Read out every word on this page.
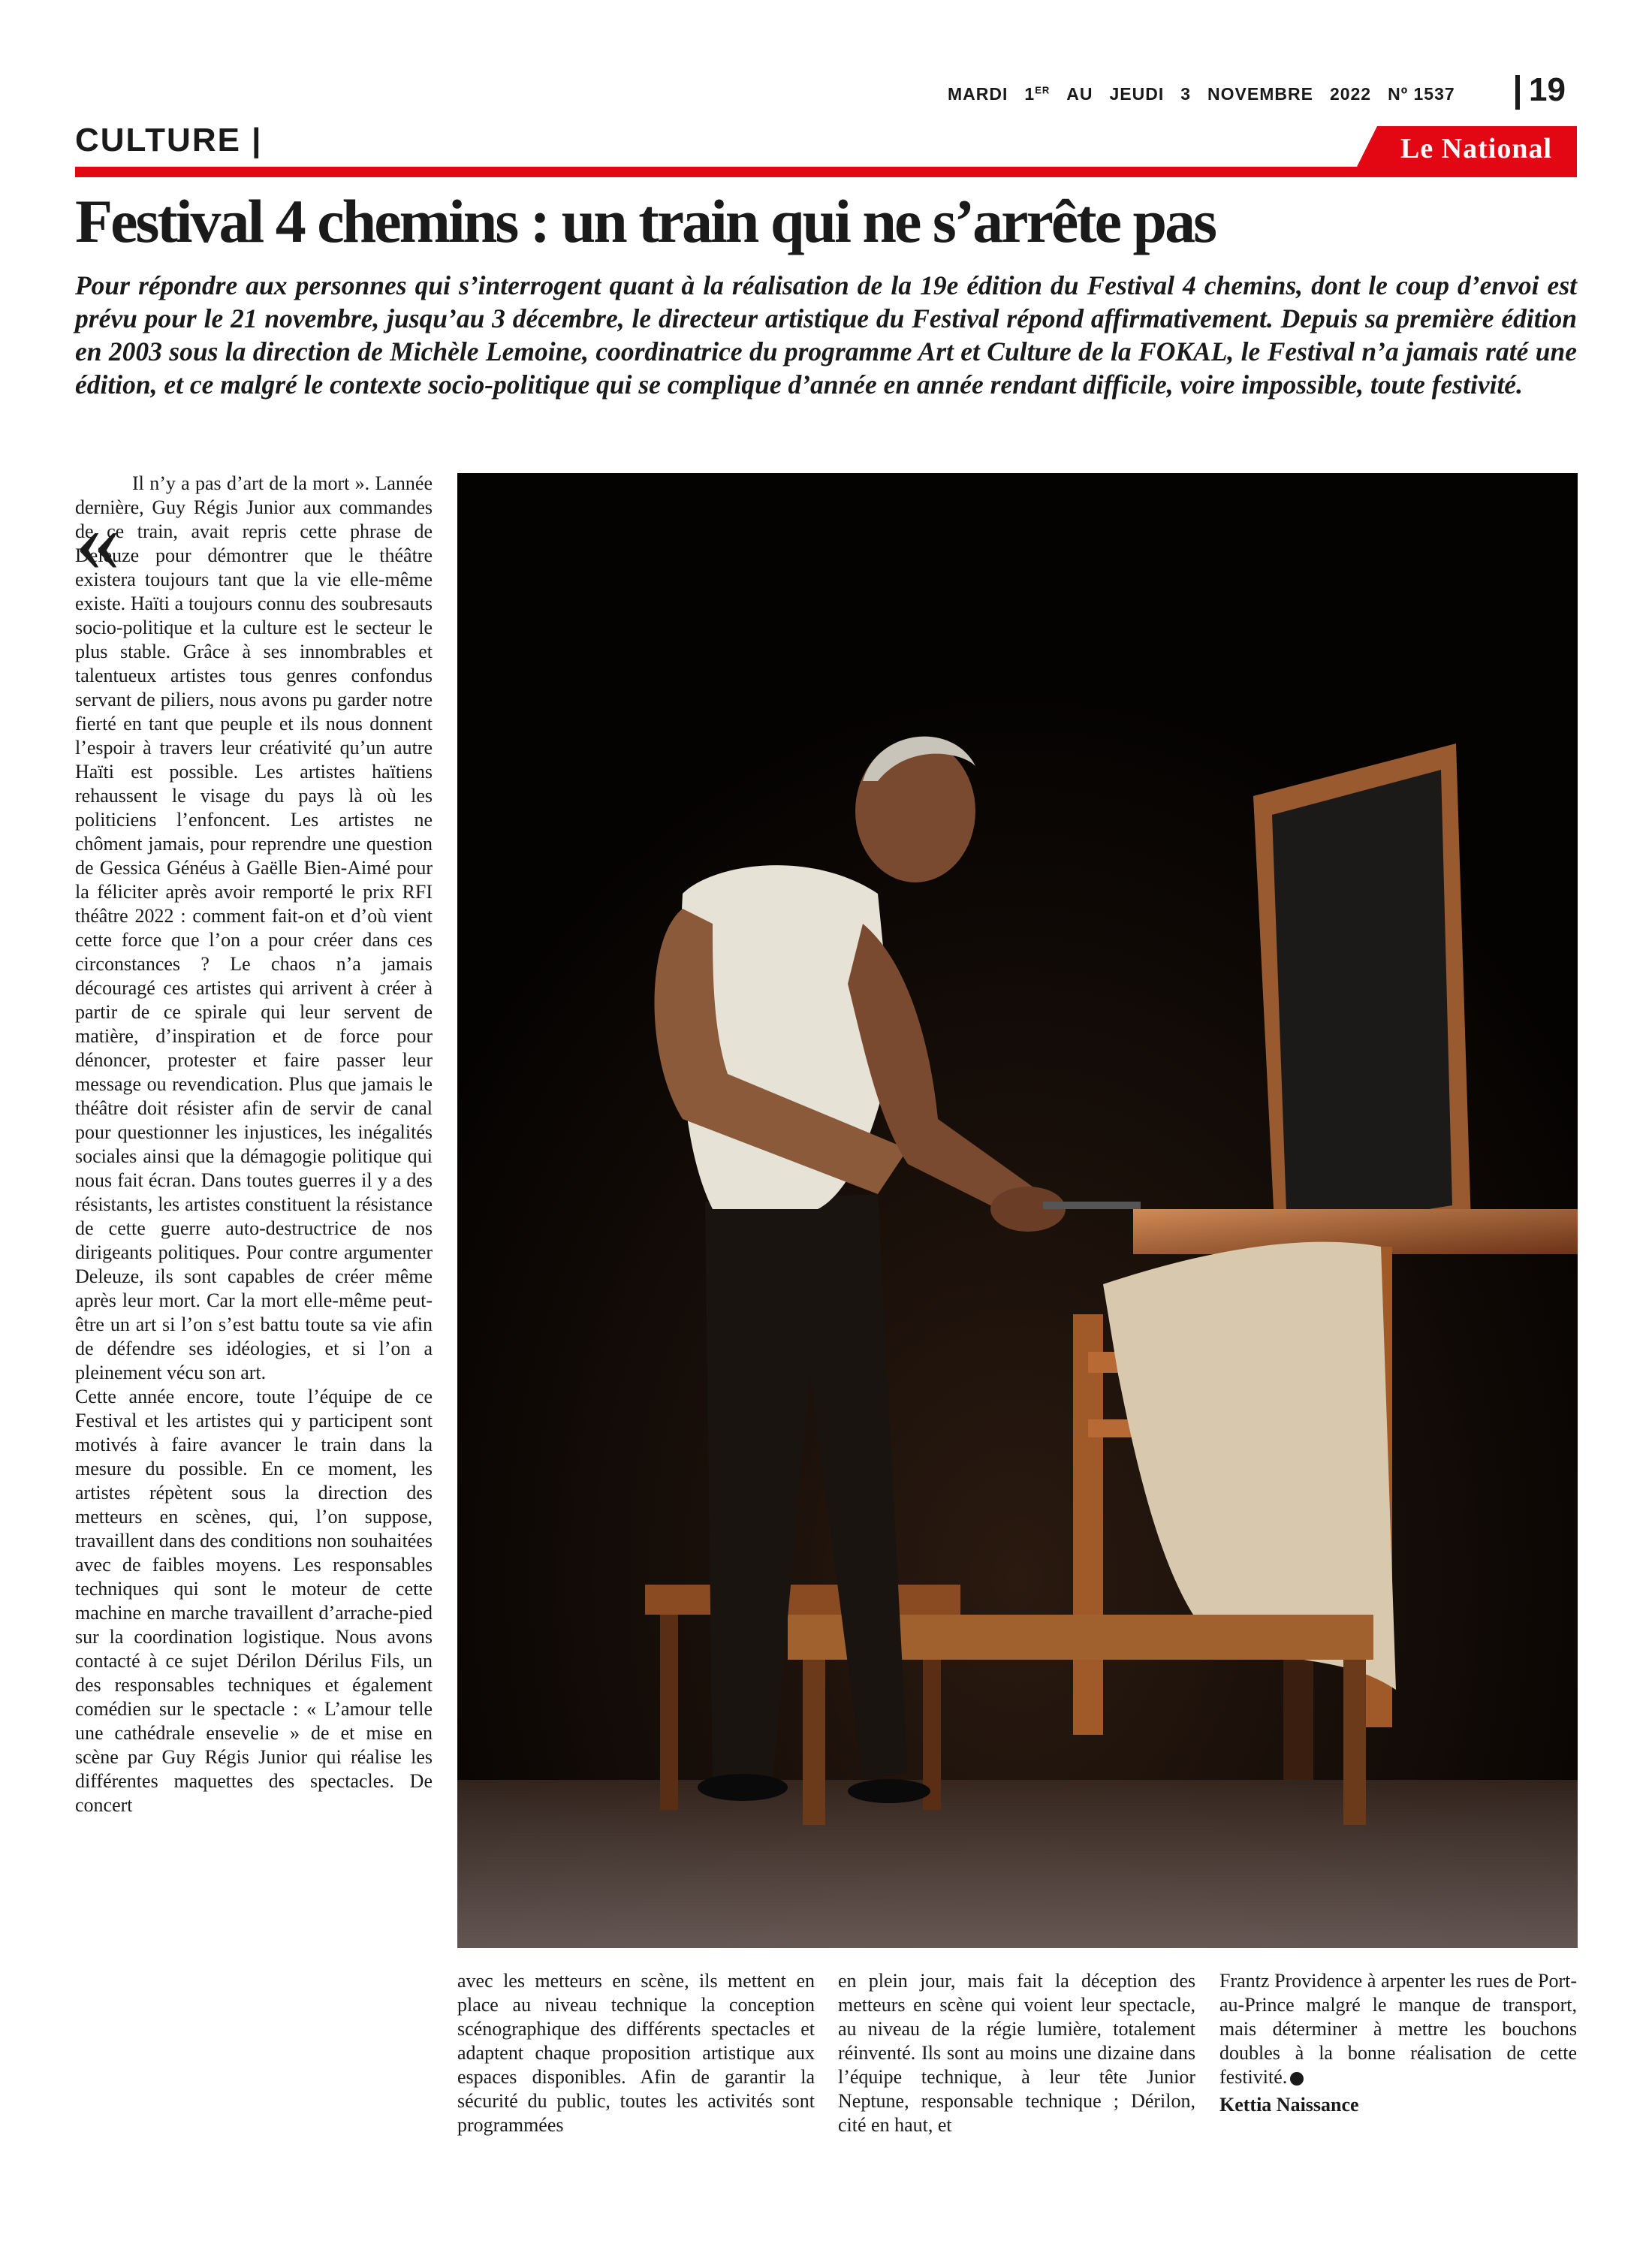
MARDI 1ER AU JEUDI 3 NOVEMBRE 2022 Nº 1537	19
CULTURE |	Le National
Festival 4 chemins : un train qui ne s’arrête pas

Pour répondre aux personnes qui s’interrogent quant à la réalisation de la 19e édition du Festival 4 chemins, dont le coup d’envoi est prévu pour le 21 novembre, jusqu’au 3 décembre, le directeur artistique du Festival répond affirmativement. Depuis sa première édition en 2003 sous la direction de Michèle Lemoine, coordinatrice du programme Art et Culture de la FOKAL, le Festival n’a jamais raté une édition, et ce malgré le contexte socio-politique qui se complique d’année en année rendant difficile, voire impossible, toute festivité.

«

Il n’y a pas d’art de la mort ». Lannée dernière, Guy Régis Junior aux commandes de ce train, avait repris cette phrase de Deleuze pour démontrer que le théâtre existera toujours tant que la vie elle-même existe. Haïti a toujours connu des soubresauts socio-politique et la culture est le secteur le plus stable. Grâce à ses innombrables et talentueux artistes tous genres confondus servant de piliers, nous avons pu garder notre fierté en tant que peuple et ils nous donnent l’espoir à travers leur créativité qu’un autre Haïti est possible. Les artistes haïtiens rehaussent le visage du pays là où les politiciens l’enfoncent. Les artistes ne chôment jamais, pour reprendre une question de Gessica Généus à Gaëlle Bien-Aimé pour la féliciter après avoir remporté le prix RFI théâtre 2022 : comment fait-on et d’où vient cette force que l’on a pour créer dans ces circonstances ? Le chaos n’a jamais découragé ces artistes qui arrivent à créer à partir de ce spirale qui leur servent de matière, d’inspiration et de force pour dénoncer, protester et faire passer leur message ou revendication. Plus que jamais le théâtre doit résister afin de servir de canal pour questionner les injustices, les inégalités sociales ainsi que la démagogie politique qui nous fait écran. Dans toutes guerres il y a des résistants, les artistes constituent la résistance de cette guerre auto-destructrice de nos dirigeants politiques. Pour contre argumenter Deleuze, ils sont capables de créer même après leur mort. Car la mort elle-même peut-être un art si l’on s’est battu toute sa vie afin de défendre ses idéologies, et si l’on a pleinement vécu son art.

Cette année encore, toute l’équipe de ce Festival et les artistes qui y participent sont motivés à faire avancer le train dans la mesure du possible. En ce moment, les artistes répètent sous la direction des metteurs en scènes, qui, l’on suppose, travaillent dans des conditions non souhaitées avec de faibles moyens. Les responsables techniques qui sont le moteur de cette machine en marche travaillent d’arrache-pied sur la coordination logistique. Nous avons contacté à ce sujet Dérilon Dérilus Fils, un des responsables techniques et également comédien sur le spectacle : « L’amour telle une cathédrale ensevelie » de et mise en scène par Guy Régis Junior qui réalise les différentes maquettes des spectacles. De concert

avec les metteurs en scène, ils mettent en place au niveau technique la conception scénographique des différents spectacles et adaptent chaque proposition artistique aux espaces disponibles. Afin de garantir la sécurité du public, toutes les activités sont programmées

en plein jour, mais fait la déception des metteurs en scène qui voient leur spectacle, au niveau de la régie lumière, totalement réinventé. Ils sont au moins une dizaine dans l’équipe technique, à leur tête Junior Neptune, responsable technique ; Dérilon, cité en haut, et

Frantz Providence à arpenter les rues de Port-au-Prince malgré le manque de transport, mais déterminer à mettre les bouchons doubles à la bonne réalisation de cette festivité.
Kettia Naissance
